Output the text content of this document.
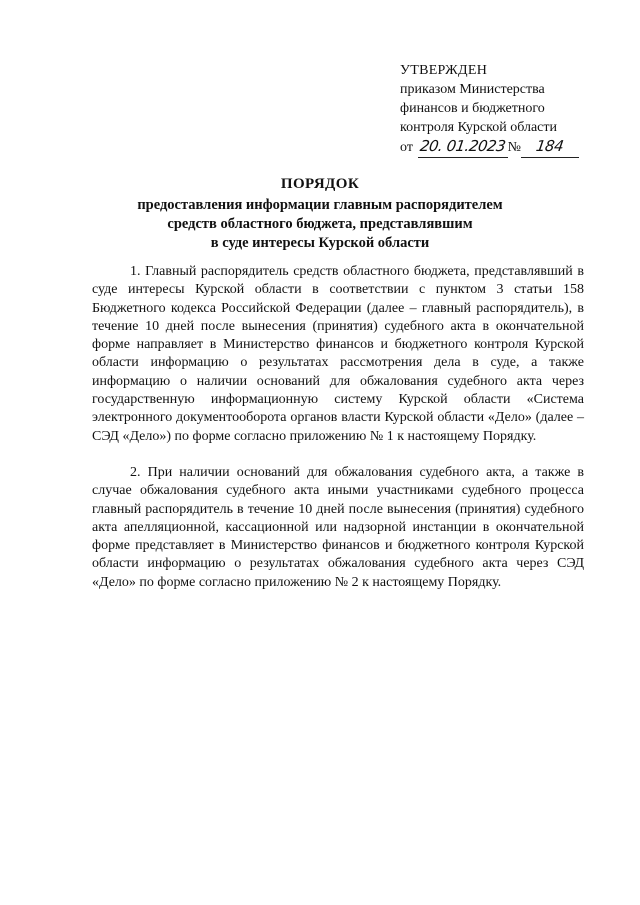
УТВЕРЖДЕН
приказом Министерства
финансов и бюджетного
контроля Курской области
от 20. 01.2023№ 184
ПОРЯДОК
предоставления информации главным распорядителем
средств областного бюджета, представлявшим
в суде интересы Курской области

1. Главный распорядитель средств областного бюджета, представлявший в суде интересы Курской области в соответствии с пунктом 3 статьи 158 Бюджетного кодекса Российской Федерации (далее – главный распорядитель), в течение 10 дней после вынесения (принятия) судебного акта в окончательной форме направляет в Министерство финансов и бюджетного контроля Курской области информацию о результатах рассмотрения дела в суде, а также информацию о наличии оснований для обжалования судебного акта через государственную информационную систему Курской области «Система электронного документооборота органов власти Курской области «Дело» (далее – СЭД «Дело») по форме согласно приложению № 1 к настоящему Порядку.

2. При наличии оснований для обжалования судебного акта, а также в случае обжалования судебного акта иными участниками судебного процесса главный распорядитель в течение 10 дней после вынесения (принятия) судебного акта апелляционной, кассационной или надзорной инстанции в окончательной форме представляет в Министерство финансов и бюджетного контроля Курской области информацию о результатах обжалования судебного акта через СЭД «Дело» по форме согласно приложению № 2 к настоящему Порядку.
